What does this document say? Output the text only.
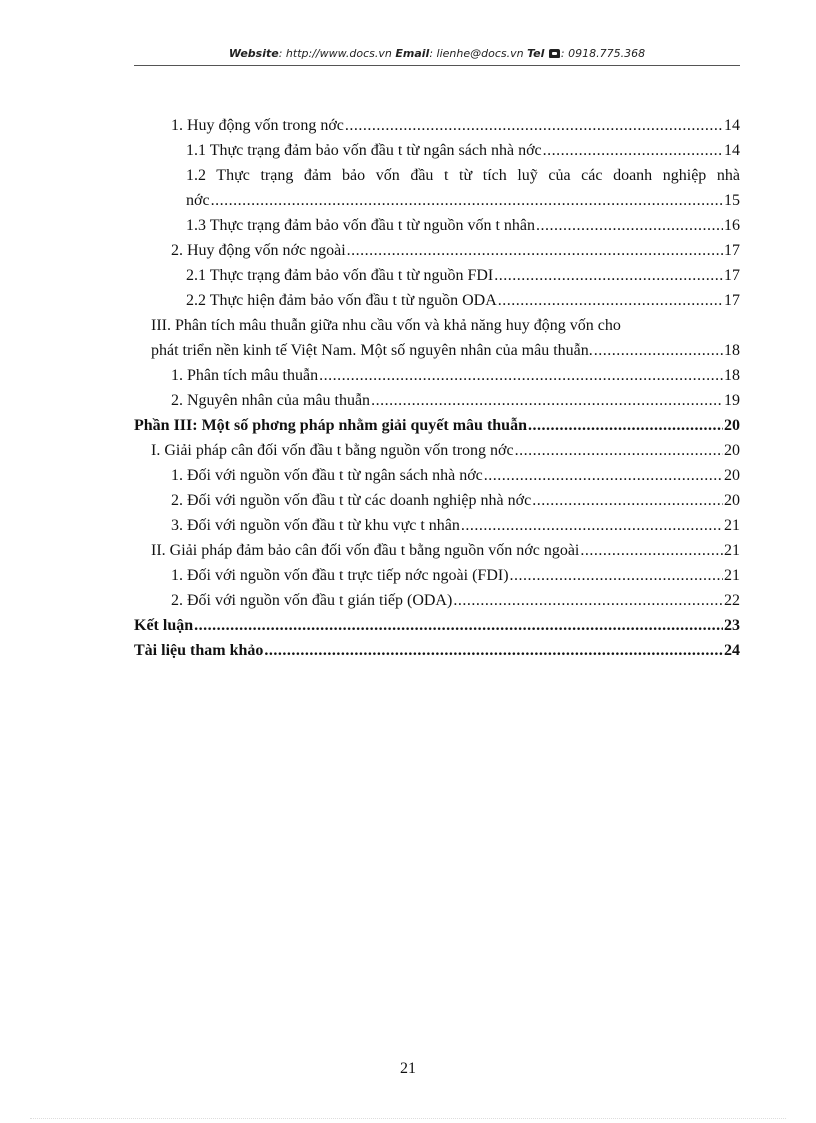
Website: http://www.docs.vn Email: lienhe@docs.vn Tel : 0918.775.368
1. Huy động vốn trong nớc .....	14
1.1 Thực trạng đảm bảo vốn đầu t từ ngân sách nhà nớc .....	14
1.2 Thực trạng đảm bảo vốn đầu t từ tích luỹ của các doanh nghiệp nhà
nớc .....	15
1.3 Thực trạng đảm bảo vốn đầu t từ nguồn vốn t nhân .....	16
2. Huy động vốn nớc ngoài .....	17
2.1 Thực trạng đảm bảo vốn đầu t từ nguồn FDI .....	17
2.2 Thực hiện đảm bảo vốn đầu t từ nguồn ODA .....	17
III. Phân tích mâu thuẫn giữa nhu cầu vốn và khả năng huy động vốn cho
phát triển nền kinh tế Việt Nam. Một số nguyên nhân của mâu thuẫn. .....	18
1. Phân tích mâu thuẫn .....	18
2. Nguyên nhân của mâu thuẫn .....	19
Phần III: Một số phơng pháp nhằm giải quyết mâu thuẫn .....	20
I. Giải pháp cân đối vốn đầu t bằng nguồn vốn trong nớc .....	20
1. Đối với nguồn vốn đầu t từ ngân sách nhà nớc .....	20
2. Đối với nguồn vốn đầu t từ các doanh nghiệp nhà nớc .....	20
3. Đối với nguồn vốn đầu t từ khu vực t nhân .....	21
II. Giải pháp đảm bảo cân đối vốn đầu t bằng nguồn vốn nớc ngoài .....	21
1. Đối với nguồn vốn đầu t trực tiếp nớc ngoài (FDI) .....	21
2. Đối với nguồn vốn đầu t gián tiếp (ODA) .....	22
Kết luận .....	23
Tài liệu tham khảo .....	24
21
